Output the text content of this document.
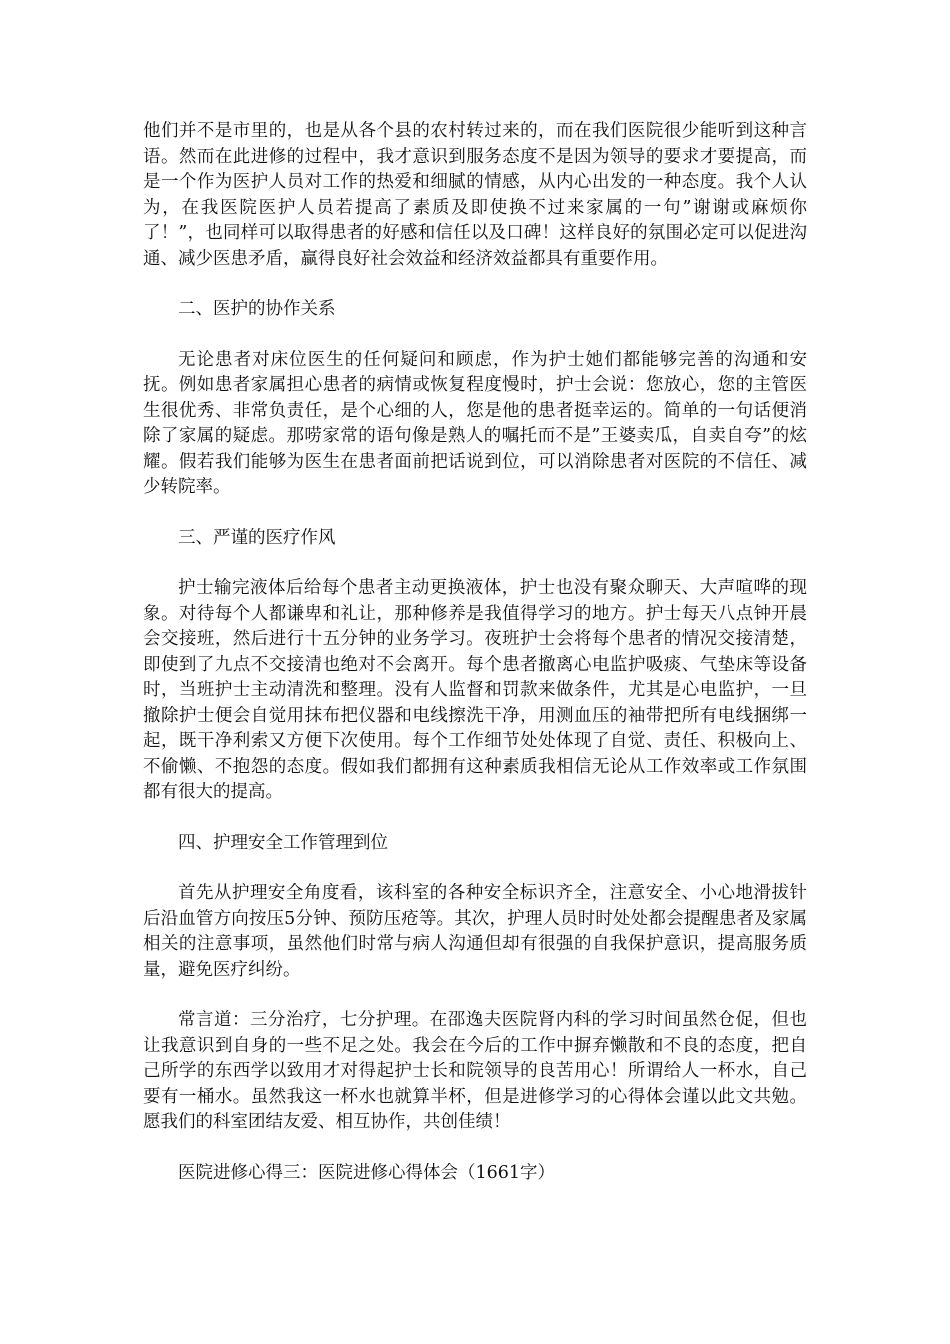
他们并不是市里的，也是从各个县的农村转过来的，而在我们医院很少能听到这种言语。然而在此进修的过程中，我才意识到服务态度不是因为领导的要求才要提高，而是一个作为医护人员对工作的热爱和细腻的情感，从内心出发的一种态度。我个人认为，在我医院医护人员若提高了素质及即使换不过来家属的一句”谢谢或麻烦你了！”，也同样可以取得患者的好感和信任以及口碑！这样良好的氛围必定可以促进沟通、减少医患矛盾，赢得良好社会效益和经济效益都具有重要作用。

二、医护的协作关系

无论患者对床位医生的任何疑问和顾虑，作为护士她们都能够完善的沟通和安抚。例如患者家属担心患者的病情或恢复程度慢时，护士会说：您放心，您的主管医生很优秀、非常负责任，是个心细的人，您是他的患者挺幸运的。简单的一句话便消除了家属的疑虑。那唠家常的语句像是熟人的嘱托而不是”王婆卖瓜，自卖自夸”的炫耀。假若我们能够为医生在患者面前把话说到位，可以消除患者对医院的不信任、减少转院率。

三、严谨的医疗作风

护士输完液体后给每个患者主动更换液体，护士也没有聚众聊天、大声喧哗的现象。对待每个人都谦卑和礼让，那种修养是我值得学习的地方。护士每天八点钟开晨会交接班，然后进行十五分钟的业务学习。夜班护士会将每个患者的情况交接清楚，即使到了九点不交接清也绝对不会离开。每个患者撤离心电监护吸痰、气垫床等设备时，当班护士主动清洗和整理。没有人监督和罚款来做条件，尤其是心电监护，一旦撤除护士便会自觉用抹布把仪器和电线擦洗干净，用测血压的袖带把所有电线捆绑一起，既干净利索又方便下次使用。每个工作细节处处体现了自觉、责任、积极向上、不偷懒、不抱怨的态度。假如我们都拥有这种素质我相信无论从工作效率或工作氛围都有很大的提高。

四、护理安全工作管理到位

首先从护理安全角度看，该科室的各种安全标识齐全，注意安全、小心地滑拔针后沿血管方向按压5分钟、预防压疮等。其次，护理人员时时处处都会提醒患者及家属相关的注意事项，虽然他们时常与病人沟通但却有很强的自我保护意识，提高服务质量，避免医疗纠纷。

常言道：三分治疗，七分护理。在邵逸夫医院肾内科的学习时间虽然仓促，但也让我意识到自身的一些不足之处。我会在今后的工作中摒弃懒散和不良的态度，把自己所学的东西学以致用才对得起护士长和院领导的良苦用心！所谓给人一杯水，自己要有一桶水。虽然我这一杯水也就算半杯，但是进修学习的心得体会谨以此文共勉。愿我们的科室团结友爱、相互协作，共创佳绩！

医院进修心得三：医院进修心得体会（1661字）
